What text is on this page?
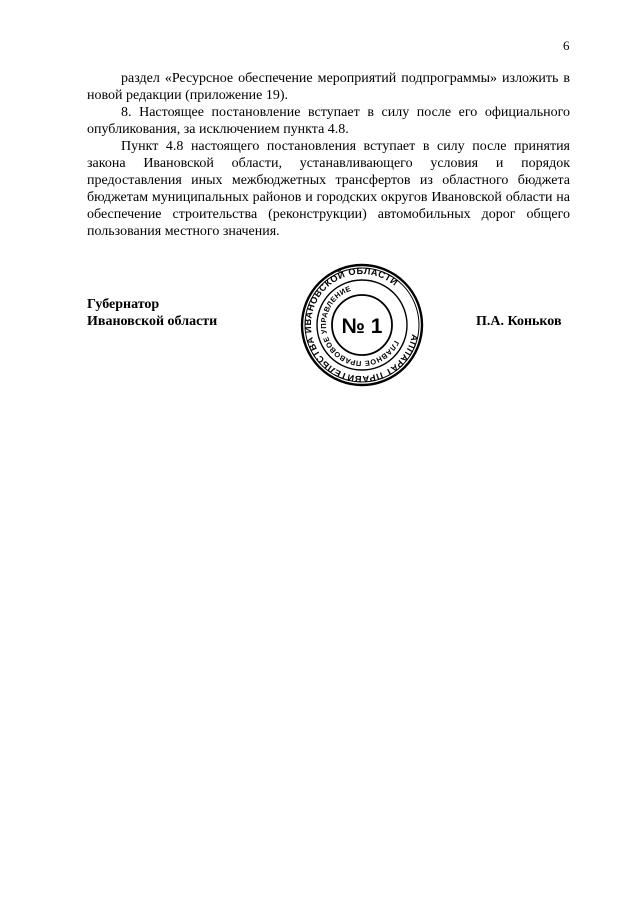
6

раздел «Ресурсное обеспечение мероприятий подпрограммы» изложить в новой редакции (приложение 19).

8. Настоящее постановление вступает в силу после его официального опубликования, за исключением пункта 4.8.

Пункт 4.8 настоящего постановления вступает в силу после принятия закона Ивановской области, устанавливающего условия и порядок предоставления иных межбюджетных трансфертов из областного бюджета бюджетам муниципальных районов и городских округов Ивановской области на обеспечение строительства (реконструкции) автомобильных дорог общего пользования местного значения.

Губернатор
Ивановской области
АППАРАТ ПРАВИТЕЛЬСТВА ИВАНОВСКОЙ ОБЛАСТИ
ГЛАВНОЕ ПРАВОВОЕ УПРАВЛЕНИЕ
№ 1	П.А. Коньков
